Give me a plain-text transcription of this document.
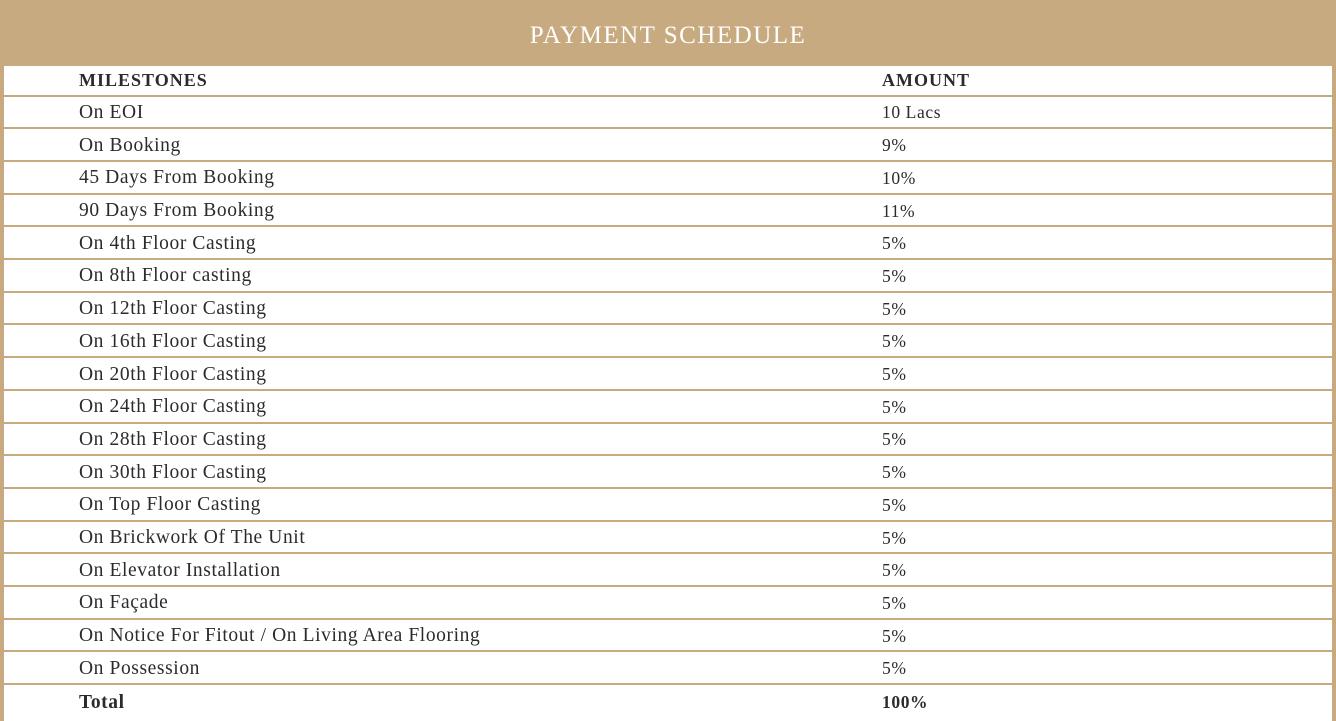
PAYMENT SCHEDULE
MILESTONES	AMOUNT
On EOI	10 Lacs
On Booking	9%
45 Days From Booking	10%
90 Days From Booking	11%
On 4th Floor Casting	5%
On 8th Floor casting	5%
On 12th Floor Casting	5%
On 16th Floor Casting	5%
On 20th Floor Casting	5%
On 24th Floor Casting	5%
On 28th Floor Casting	5%
On 30th Floor Casting	5%
On Top Floor Casting	5%
On Brickwork Of The Unit	5%
On Elevator Installation	5%
On Façade	5%
On Notice For Fitout / On Living Area Flooring	5%
On Possession	5%
Total	100%
